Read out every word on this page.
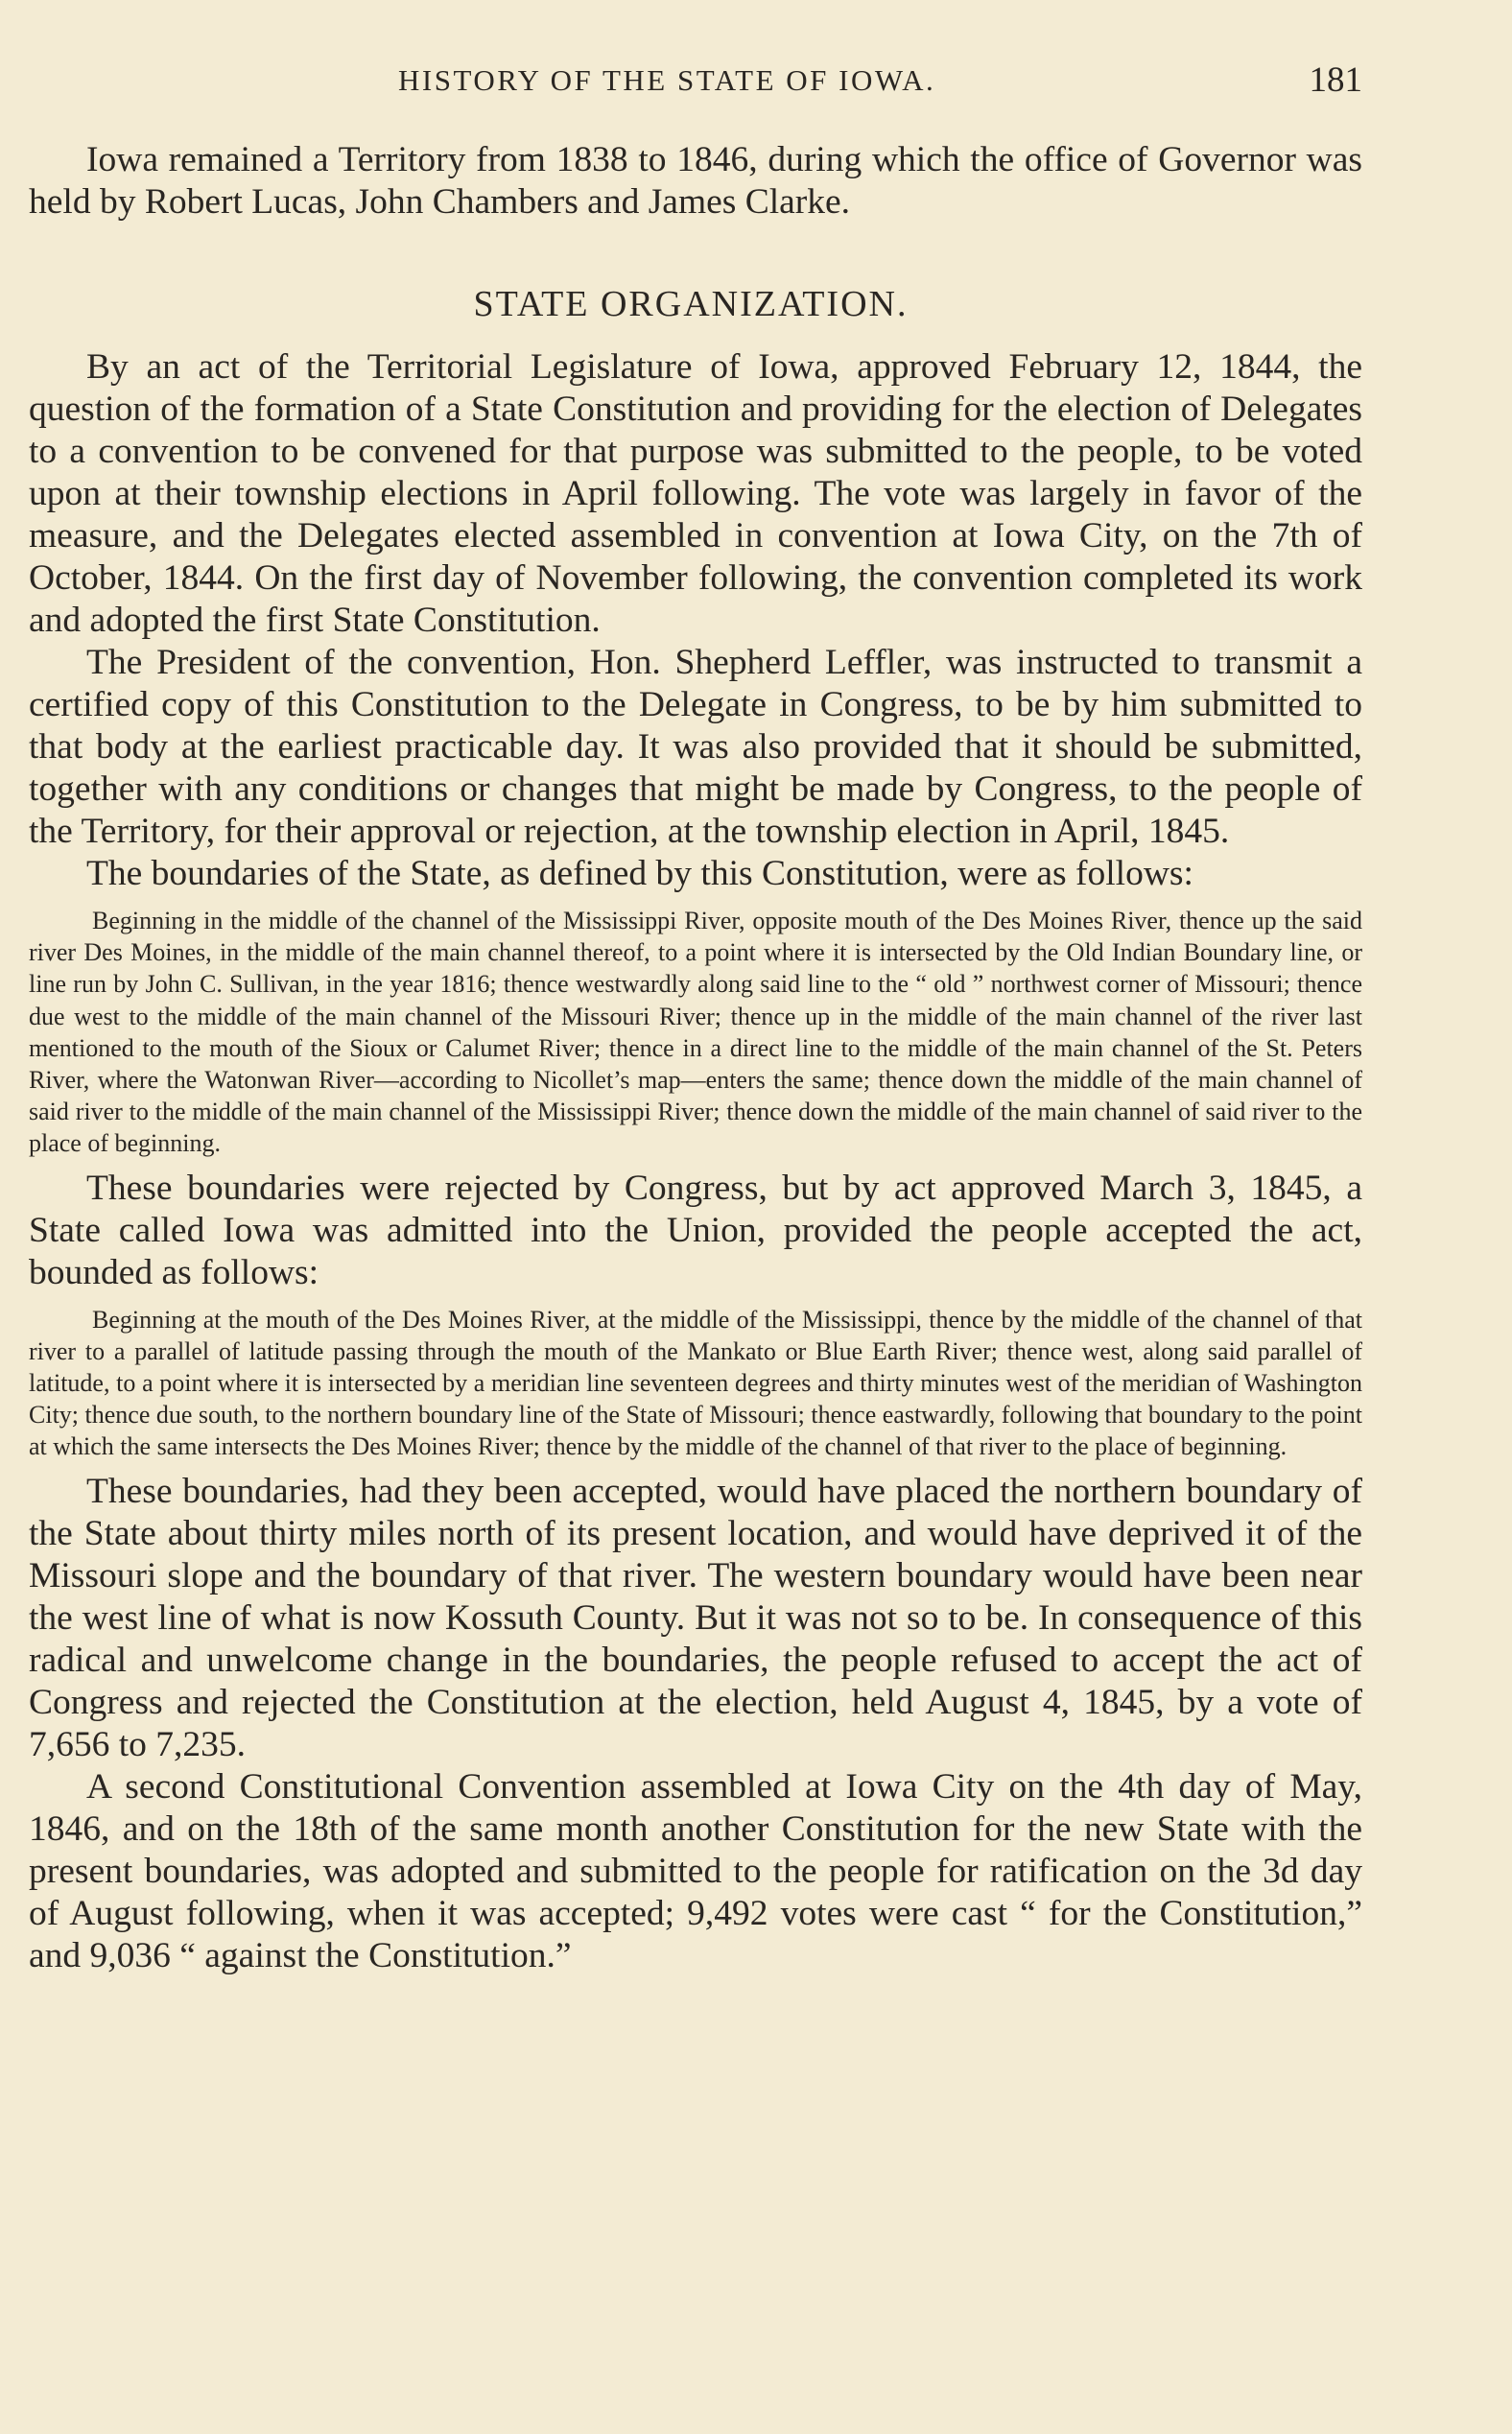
HISTORY OF THE STATE OF IOWA.	181

Iowa remained a Territory from 1838 to 1846, during which the office of Governor was held by Robert Lucas, John Chambers and James Clarke.

STATE ORGANIZATION.

By an act of the Territorial Legislature of Iowa, approved February 12, 1844, the question of the formation of a State Constitution and providing for the election of Delegates to a convention to be convened for that purpose was submitted to the people, to be voted upon at their township elections in April following. The vote was largely in favor of the measure, and the Delegates elected assembled in convention at Iowa City, on the 7th of October, 1844. On the first day of November following, the convention completed its work and adopted the first State Constitution.

The President of the convention, Hon. Shepherd Leffler, was instructed to transmit a certified copy of this Constitution to the Delegate in Congress, to be by him submitted to that body at the earliest practicable day. It was also provided that it should be submitted, together with any conditions or changes that might be made by Congress, to the people of the Territory, for their approval or rejection, at the township election in April, 1845.

The boundaries of the State, as defined by this Constitution, were as follows:

Beginning in the middle of the channel of the Mississippi River, opposite mouth of the Des Moines River, thence up the said river Des Moines, in the middle of the main channel thereof, to a point where it is intersected by the Old Indian Boundary line, or line run by John C. Sullivan, in the year 1816; thence westwardly along said line to the “ old ” northwest corner of Missouri; thence due west to the middle of the main channel of the Missouri River; thence up in the middle of the main channel of the river last mentioned to the mouth of the Sioux or Calumet River; thence in a direct line to the middle of the main channel of the St. Peters River, where the Watonwan River—according to Nicollet’s map—enters the same; thence down the middle of the main channel of said river to the middle of the main channel of the Mississippi River; thence down the middle of the main channel of said river to the place of beginning.

These boundaries were rejected by Congress, but by act approved March 3, 1845, a State called Iowa was admitted into the Union, provided the people accepted the act, bounded as follows:

Beginning at the mouth of the Des Moines River, at the middle of the Mississippi, thence by the middle of the channel of that river to a parallel of latitude passing through the mouth of the Mankato or Blue Earth River; thence west, along said parallel of latitude, to a point where it is intersected by a meridian line seventeen degrees and thirty minutes west of the meridian of Washington City; thence due south, to the northern boundary line of the State of Missouri; thence eastwardly, following that boundary to the point at which the same intersects the Des Moines River; thence by the middle of the channel of that river to the place of beginning.

These boundaries, had they been accepted, would have placed the northern boundary of the State about thirty miles north of its present location, and would have deprived it of the Missouri slope and the boundary of that river. The western boundary would have been near the west line of what is now Kossuth County. But it was not so to be. In consequence of this radical and unwelcome change in the boundaries, the people refused to accept the act of Congress and rejected the Constitution at the election, held August 4, 1845, by a vote of 7,656 to 7,235.

A second Constitutional Convention assembled at Iowa City on the 4th day of May, 1846, and on the 18th of the same month another Constitution for the new State with the present boundaries, was adopted and submitted to the people for ratification on the 3d day of August following, when it was accepted; 9,492 votes were cast “ for the Constitution,” and 9,036 “ against the Constitution.”
